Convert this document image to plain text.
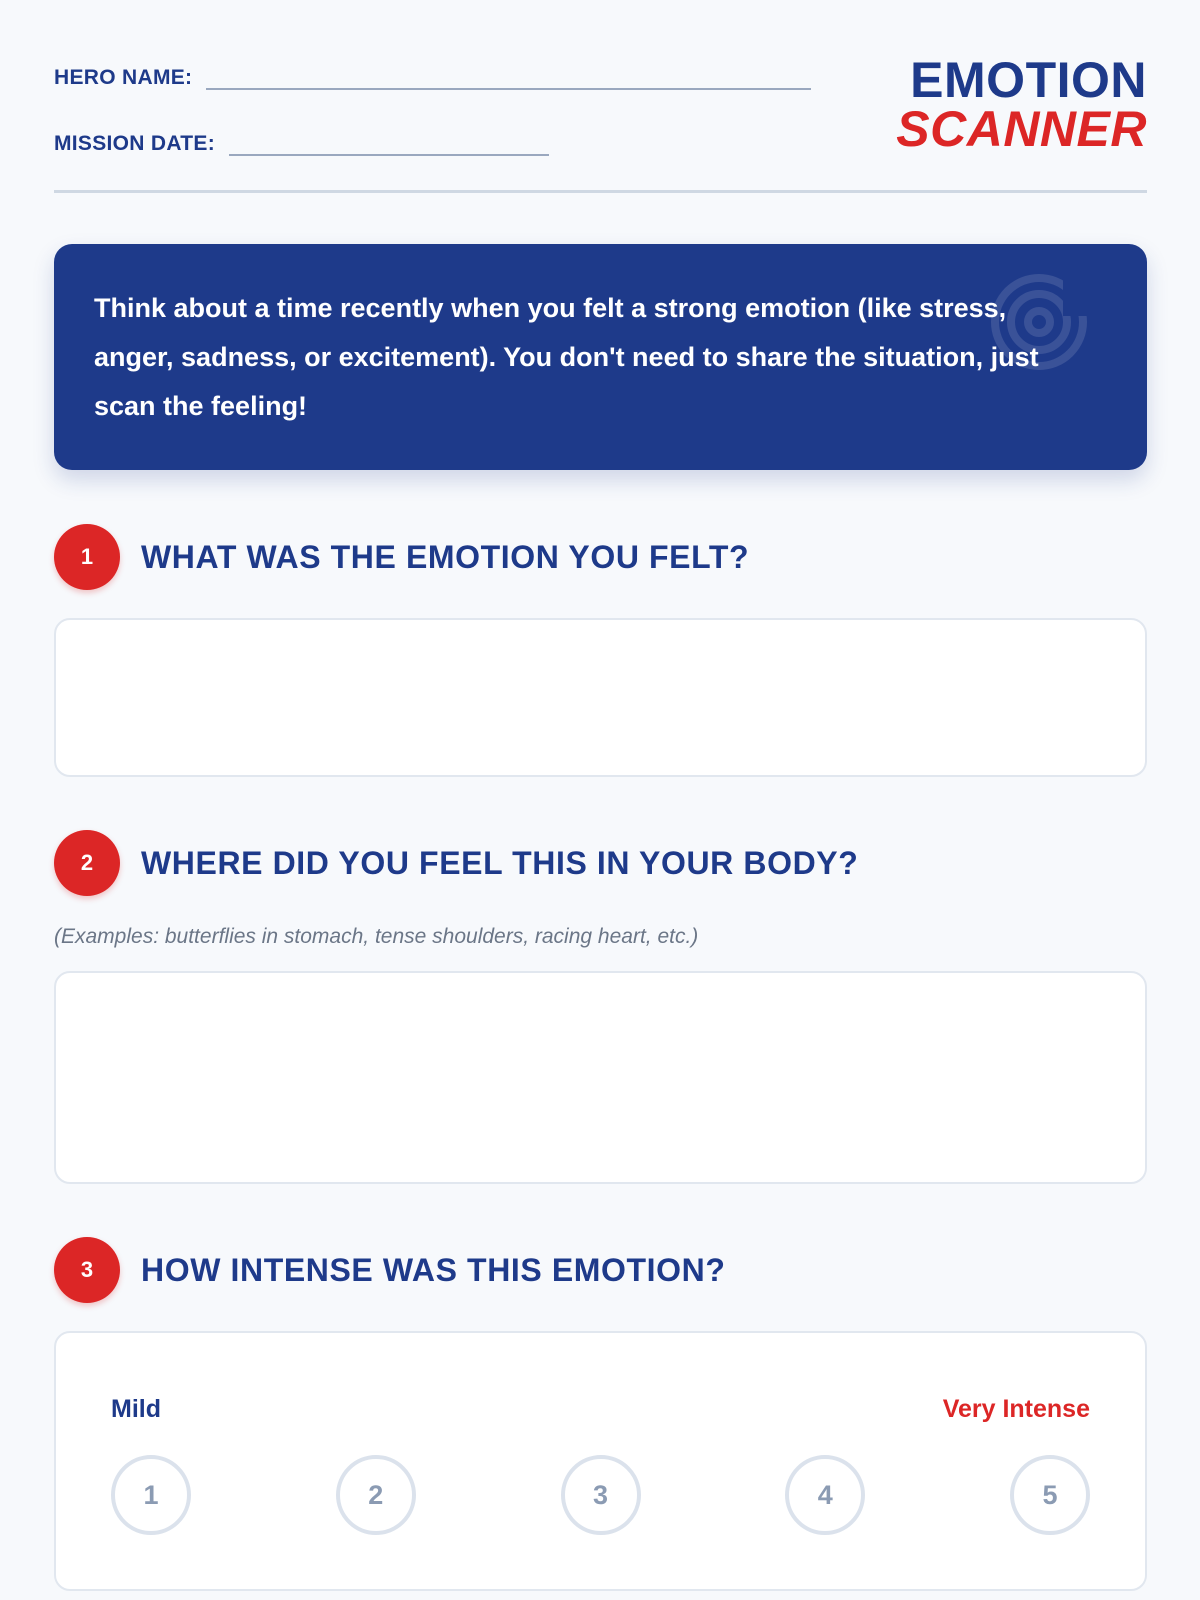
HERO NAME:
MISSION DATE:
EMOTION
SCANNER
Think about a time recently when you felt a strong emotion (like stress, anger, sadness, or excitement). You don't need to share the situation, just scan the feeling!
1	WHAT WAS THE EMOTION YOU FELT?
2	WHERE DID YOU FEEL THIS IN YOUR BODY?
(Examples: butterflies in stomach, tense shoulders, racing heart, etc.)
3	HOW INTENSE WAS THIS EMOTION?
Mild	Very Intense
1	2	3	4	5
